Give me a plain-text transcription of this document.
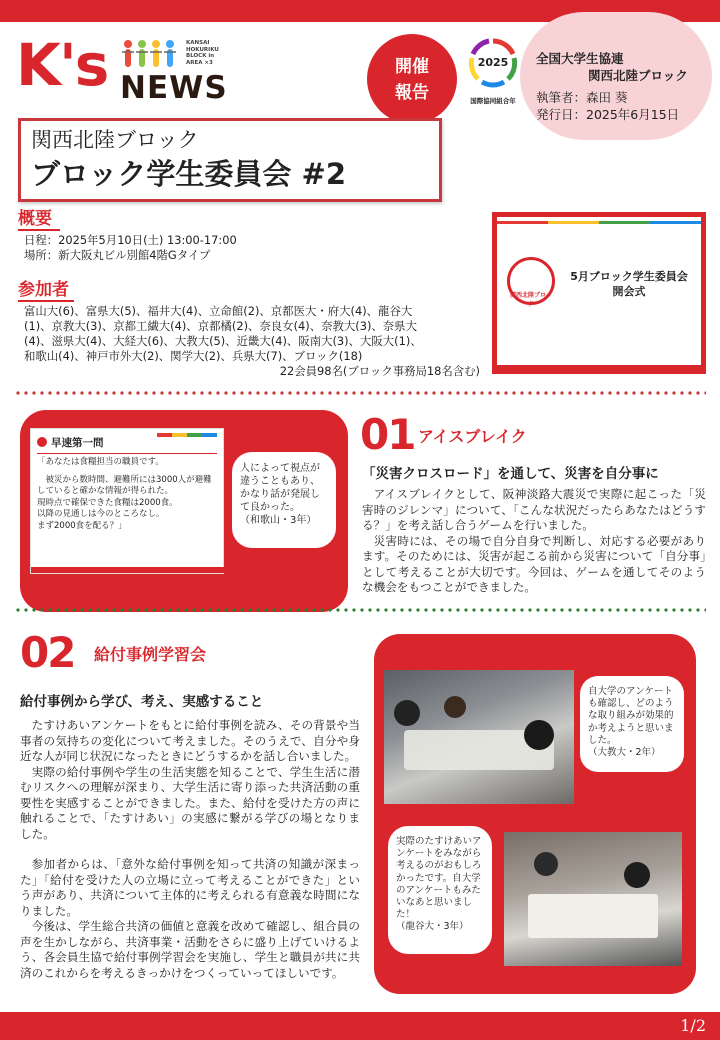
K's	KANSAI HOKURIKU BLOCK in AREA ×3
NEWS
開催
報告
2025
国際協同組合年
全国大学生協連
関西北陸ブロック
執筆者：森田 葵
発行日：2025年6月15日
関西北陸ブロック
ブロック学生委員会 #2
概要
日程：2025年5月10日(土) 13:00-17:00
場所：新大阪丸ビル別館4階Gタイプ
参加者
富山大(6)、富県大(5)、福井大(4)、立命館(2)、京都医大・府大(4)、龍谷大
(1)、京教大(3)、京都工繊大(4)、京都橘(2)、奈良女(4)、奈教大(3)、奈県大
(4)、滋県大(4)、大経大(6)、大教大(5)、近畿大(4)、阪南大(3)、大阪大(1)、
和歌山(4)、神戸市外大(2)、関学大(2)、兵県大(7)、ブロック(18)
22会員98名(ブロック事務局18名含む)
関西北陸ブロック
5月ブロック学生委員会
開会式
早速第一問
「あなたは食糧担当の職員です。
被災から数時間、避難所には3000人が避難していると確かな情報が得られた。
現時点で確保できた食糧は2000食。
以降の見通しは今のところなし。
まず2000食を配る？」
人によって視点が違うこともあり、かなり話が発展して良かった。
（和歌山・3年）
01 アイスブレイク
「災害クロスロード」を通して、災害を自分事に

アイスブレイクとして、阪神淡路大震災で実際に起こった「災害時のジレンマ」について、「こんな状況だったらあなたはどうする？」を考え話し合うゲームを行いました。

災害時には、その場で自分自身で判断し、対応する必要があります。そのためには、災害が起こる前から災害について「自分事」として考えることが大切です。今回は、ゲームを通してそのような機会をもつことができました。

02 給付事例学習会
給付事例から学び、考え、実感すること

たすけあいアンケートをもとに給付事例を読み、その背景や当事者の気持ちの変化について考えました。そのうえで、自分や身近な人が同じ状況になったときにどうするかを話し合いました。

実際の給付事例や学生の生活実態を知ることで、学生生活に潜むリスクへの理解が深まり、大学生活に寄り添った共済活動の重要性を実感することができました。また、給付を受けた方の声に触れることで、「たすけあい」の実感に繋がる学びの場となりました。

参加者からは、「意外な給付事例を知って共済の知識が深まった」「給付を受けた人の立場に立って考えることができた」という声があり、共済について主体的に考えられる有意義な時間になりました。

今後は、学生総合共済の価値と意義を改めて確認し、組合員の声を生かしながら、共済事業・活動をさらに盛り上げていけるよう、各会員生協で給付事例学習会を実施し、学生と職員が共に共済のこれからを考えるきっかけをつくっていってほしいです。

自大学のアンケートも確認し、どのような取り組みが効果的か考えようと思いました。
（大教大・2年）
実際のたすけあいアンケートをみながら考えるのがおもしろかったです。自大学のアンケートもみたいなあと思いました！
（龍谷大・3年）
1/2
